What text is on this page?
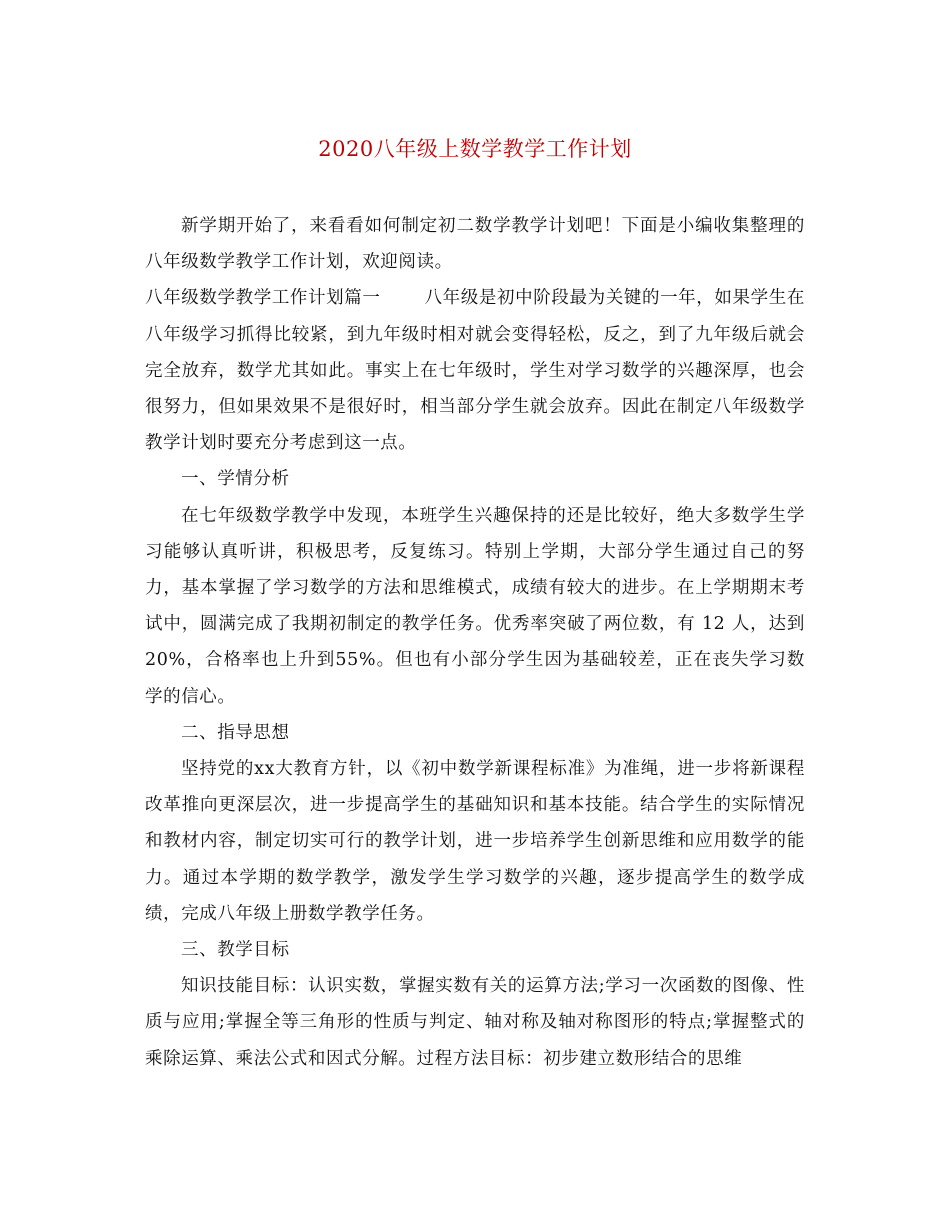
2020八年级上数学教学工作计划

新学期开始了，来看看如何制定初二数学教学计划吧！下面是小编收集整理的八年级数学教学工作计划，欢迎阅读。

八年级数学教学工作计划篇一	八年级是初中阶段最为关键的一年，如果学生在八年级学习抓得比较紧，到九年级时相对就会变得轻松，反之，到了九年级后就会完全放弃，数学尤其如此。事实上在七年级时，学生对学习数学的兴趣深厚，也会很努力，但如果效果不是很好时，相当部分学生就会放弃。因此在制定八年级数学教学计划时要充分考虑到这一点。

一、学情分析

在七年级数学教学中发现，本班学生兴趣保持的还是比较好，绝大多数学生学习能够认真听讲，积极思考，反复练习。特别上学期，大部分学生通过自己的努力，基本掌握了学习数学的方法和思维模式，成绩有较大的进步。在上学期期末考试中，圆满完成了我期初制定的教学任务。优秀率突破了两位数，有 12 人，达到20%，合格率也上升到55%。但也有小部分学生因为基础较差，正在丧失学习数学的信心。

二、指导思想

坚持党的xx大教育方针，以《初中数学新课程标准》为准绳，进一步将新课程改革推向更深层次，进一步提高学生的基础知识和基本技能。结合学生的实际情况和教材内容，制定切实可行的教学计划，进一步培养学生创新思维和应用数学的能力。通过本学期的数学教学，激发学生学习数学的兴趣，逐步提高学生的数学成绩，完成八年级上册数学教学任务。

三、教学目标

知识技能目标：认识实数，掌握实数有关的运算方法;学习一次函数的图像、性质与应用;掌握全等三角形的性质与判定、轴对称及轴对称图形的特点;掌握整式的乘除运算、乘法公式和因式分解。过程方法目标：初步建立数形结合的思维
